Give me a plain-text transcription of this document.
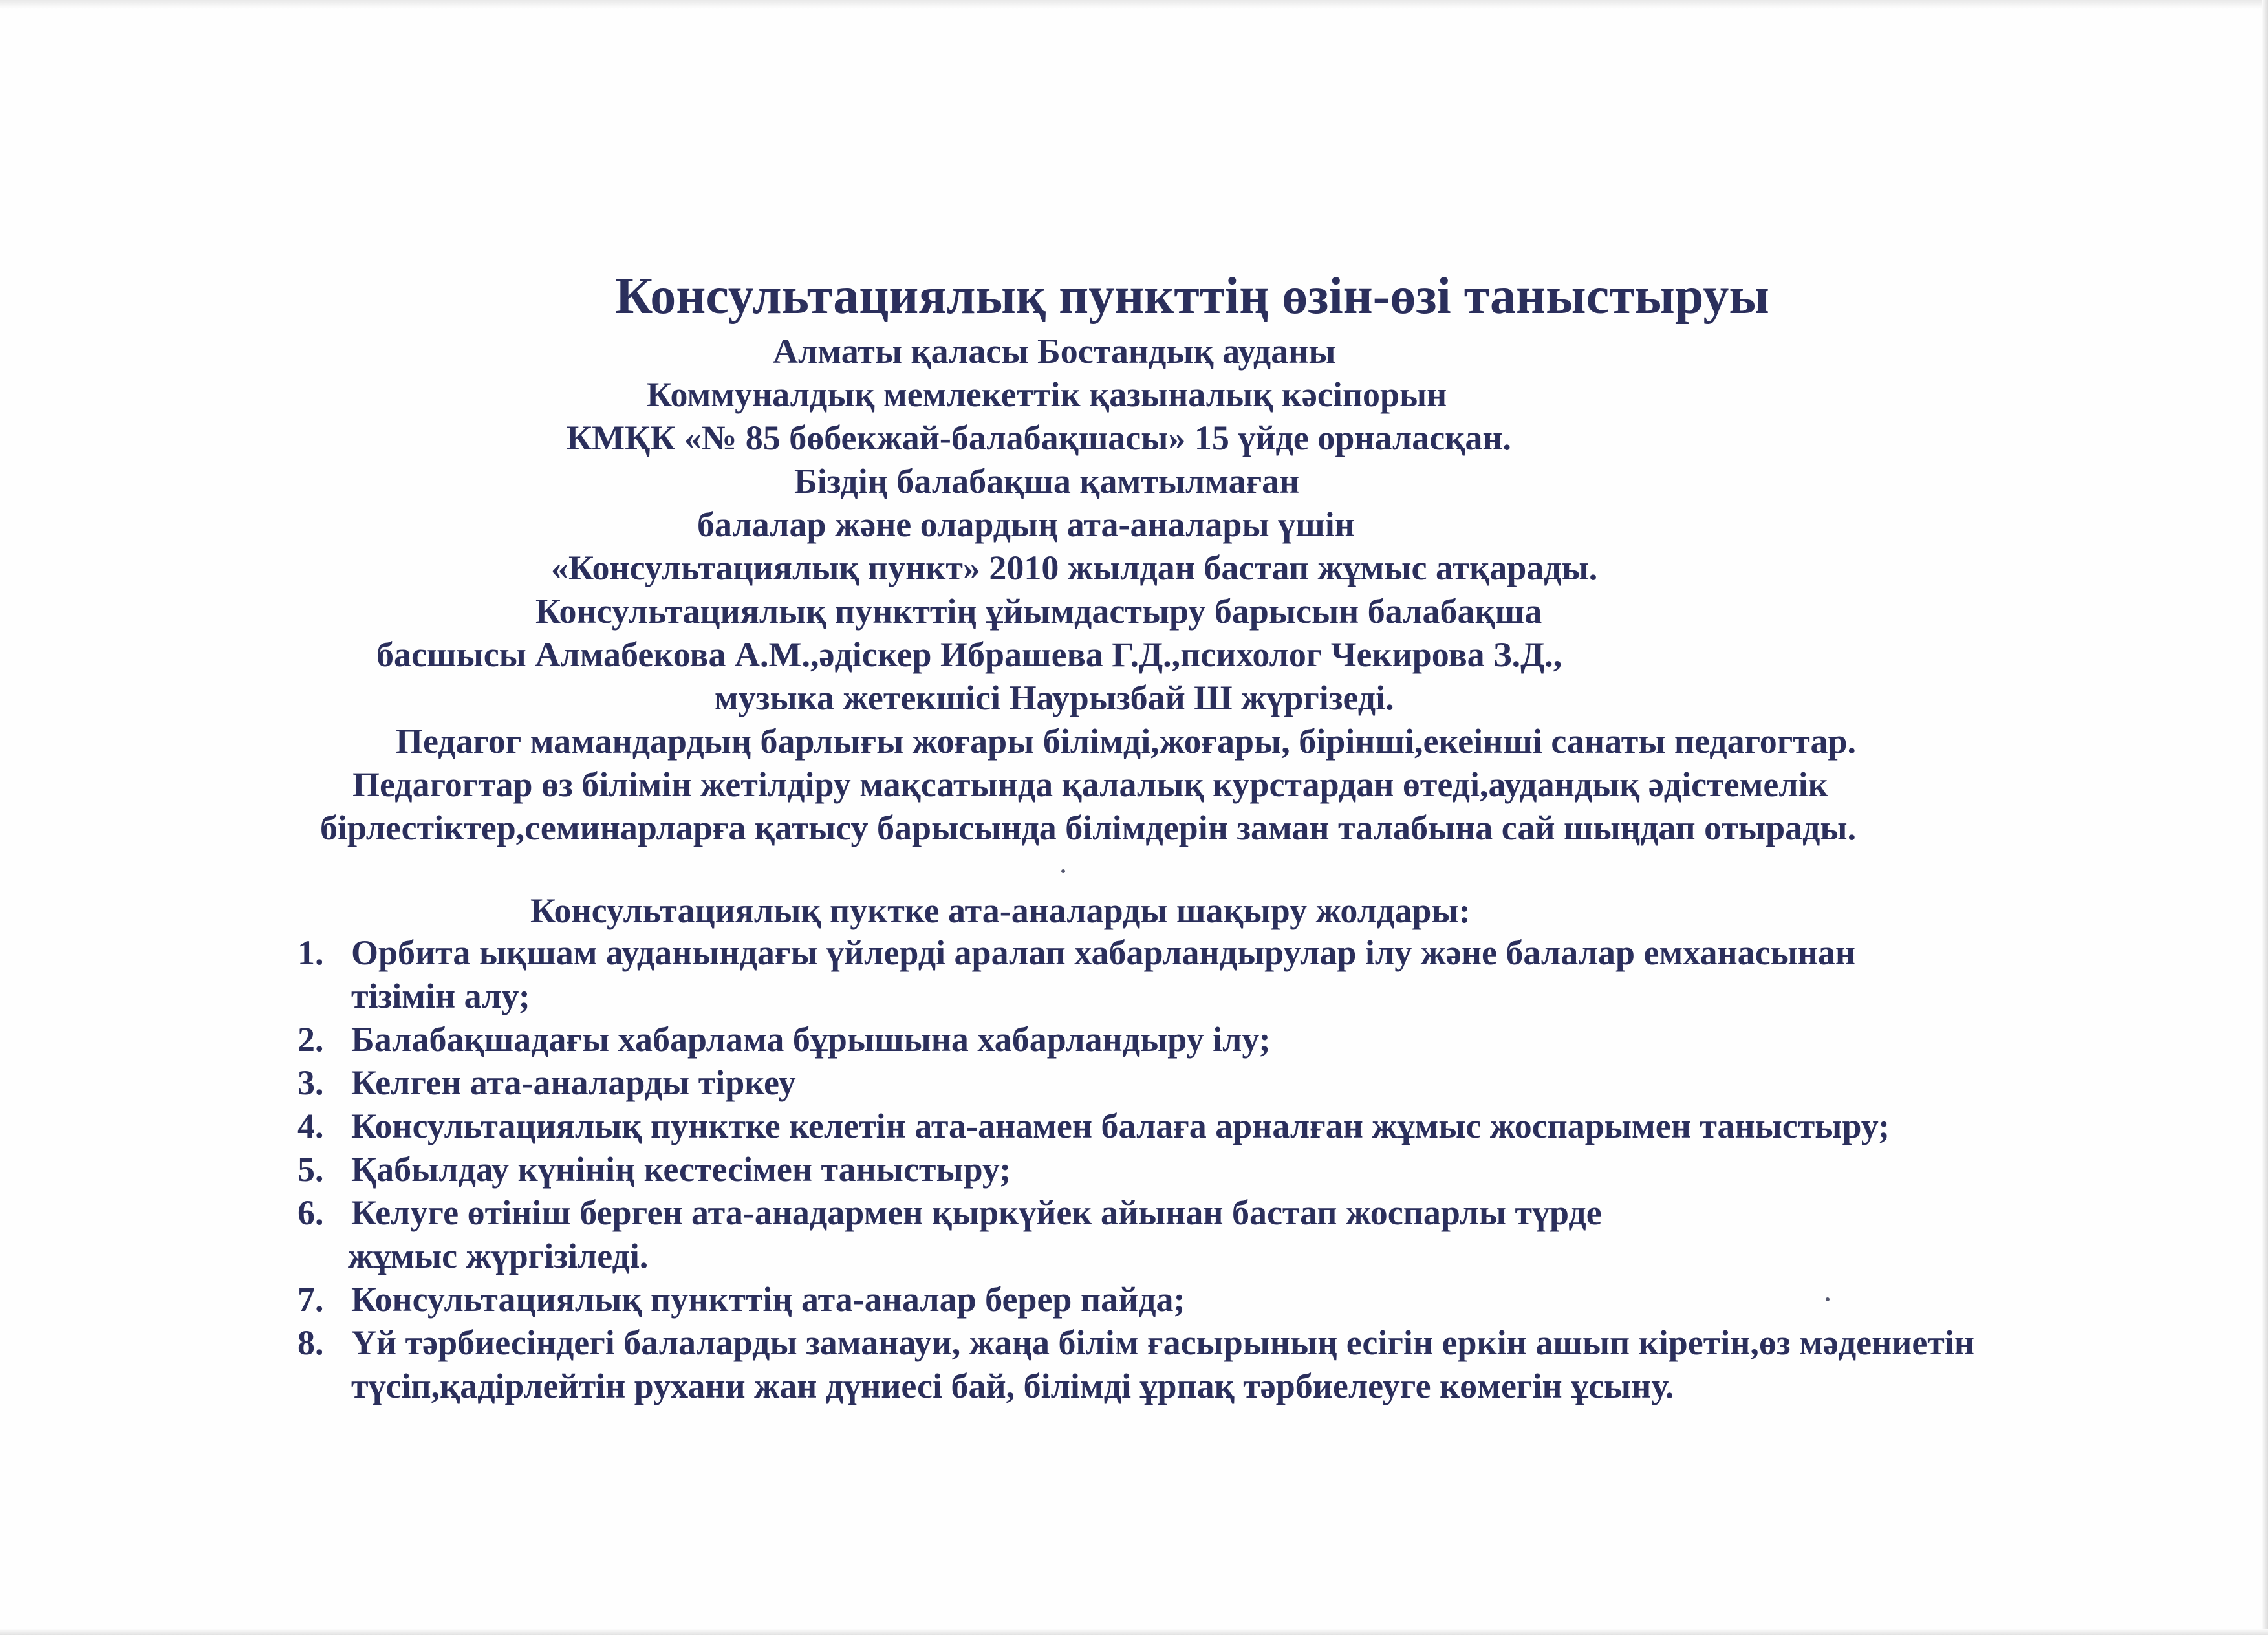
Консультациялық пункттің өзін-өзі таныстыруы
Алматы қаласы Бостандық ауданы
Коммуналдық мемлекеттік қазыналық кәсіпорын
КМҚК «№ 85 бөбекжай-балабақшасы» 15 үйде орналасқан.
Біздің балабақша қамтылмаған
балалар және олардың ата-аналары үшін
«Консультациялық пункт» 2010 жылдан бастап жұмыс атқарады.
Консультациялық пункттің ұйымдастыру барысын балабақша
басшысы Алмабекова А.М.,әдіскер Ибрашева Г.Д.,психолог Чекирова З.Д.,
музыка жетекшісі Наурызбай Ш жүргізеді.
Педагог мамандардың барлығы жоғары білімді,жоғары, бірінші,екеінші санаты педагогтар.
Педагогтар өз білімін жетілдіру мақсатында қалалық курстардан өтеді,аудандық әдістемелік
бірлестіктер,семинарларға қатысу барысында білімдерін заман талабына сай шыңдап отырады.
Консультациялық пуктке ата-аналарды шақыру жолдары:
1. Орбита ықшам ауданындағы үйлерді аралап хабарландырулар ілу және балалар емханасынан
тізімін алу;
2. Балабақшадағы хабарлама бұрышына хабарландыру ілу;
3. Келген ата-аналарды тіркеу
4. Консультациялық пунктке келетін ата-анамен балаға арналған жұмыс жоспарымен таныстыру;
5. Қабылдау күнінің кестесімен таныстыру;
6. Келуге өтініш берген ата-анадармен қыркүйек айынан бастап жоспарлы түрде
жұмыс жүргізіледі.
7. Консультациялық пункттің ата-аналар берер пайда;
8. Үй тәрбиесіндегі балаларды заманауи, жаңа білім ғасырының есігін еркін ашып кіретін,өз мәдениетін
түсіп,қадірлейтін рухани жан дүниесі бай, білімді ұрпақ тәрбиелеуге көмегін ұсыну.
